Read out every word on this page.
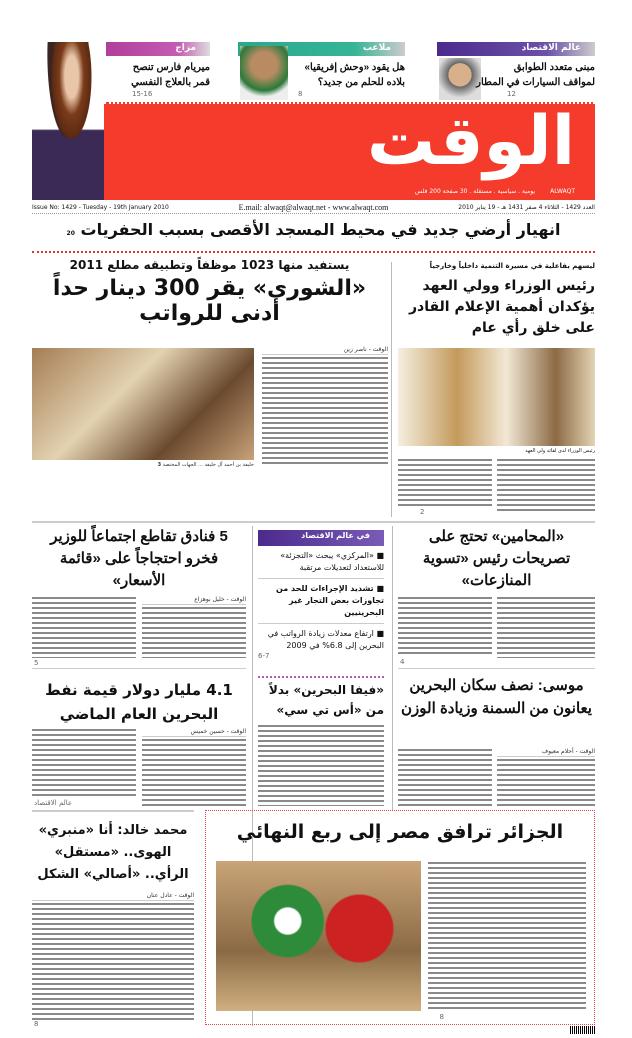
عالم الاقتصاد
مبنى متعدد الطوابق
لمواقف السيارات في المطار
12
ملاعب
هل يقود «وحش إفريقيا»
بلاده للحلم من جديد؟
8
مزاج
ميريام فارس تنصح
قمر بالعلاج النفسي
15-16
الوقت
ALWAQT
يومية . سياسية . مستقلة . 30 صفحة 200 فلس
Issue No: 1429 - Tuesday - 19th January 2010	E.mail: alwaqt@alwaqt.net - www.alwaqt.com	العدد 1429 - الثلاثاء 4 صفر 1431 هـ - 19 يناير 2010
انهيار أرضي جديد في محيط المسجد الأقصى بسبب الحفريات 20
يستفيد منها 1023 موظفاً وتطبيقه مطلع 2011
«الشورى» يقر 300 دينار حداً أدنى للرواتب
خليفة بن أحمد آل خليفة ... الجهات المختصة 3
الوقت - ناصر زين
ليسهم بفاعلية في مسيرة التنمية داخلياً وخارجياً
رئيس الوزراء وولي العهد يؤكدان أهمية الإعلام القادر على خلق رأي عام
رئيس الوزراء لدى لقائه ولي العهد
2
«المحامين» تحتج على تصريحات رئيس «تسوية المنازعات»
4
في عالم الاقتصاد
■ «المركزي» يبحث «التجزئة» للاستعداد لتعديلات مرتقبة
■ تشديد الإجراءات للحد من تجاوزات بعض التجار غير البحرينيين
■ ارتفاع معدلات زيادة الرواتب في البحرين إلى 6.8% في 2009
6-7
5 فنادق تقاطع اجتماعاً للوزير فخرو احتجاجاً على «قائمة الأسعار»
الوقت - خليل بوهزاع
5
موسى: نصف سكان البحرين يعانون من السمنة وزيادة الوزن
الوقت - أحلام معيوف
«فيفا البحرين» بدلاً من «أس تي سي»
4.1 مليار دولار قيمة نفط البحرين العام الماضي
الوقت - حسين خميس
عالم الاقتصاد
محمد خالد: أنا «منبري» الهوى.. «مستقل» الرأي.. «أصالي» الشكل
الوقت - عادل عنان
8
الجزائر ترافق مصر إلى ربع النهائي
8
